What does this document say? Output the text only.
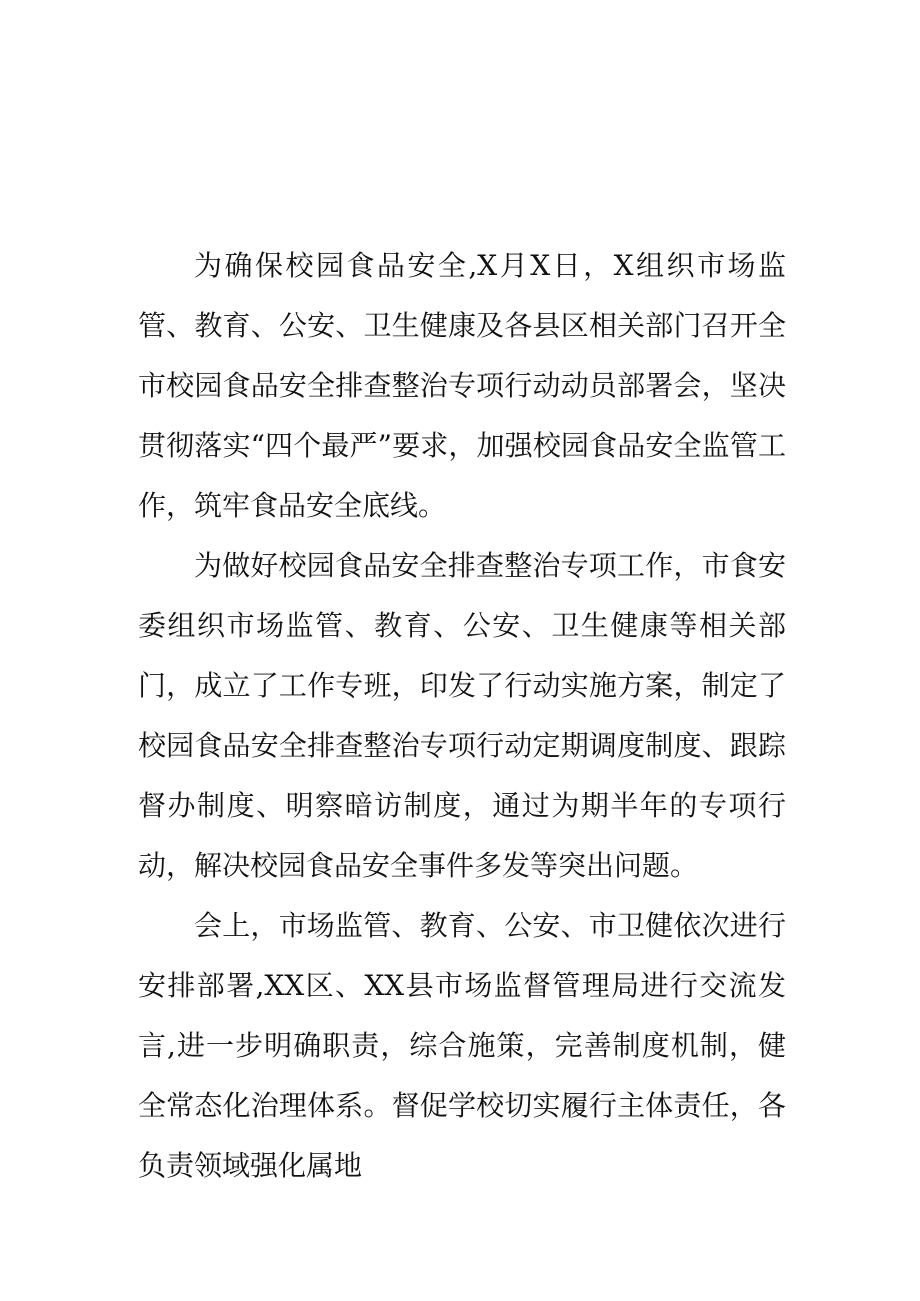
为确保校园食品安全,X月X日，X组织市场监管、教育、公安、卫生健康及各县区相关部门召开全市校园食品安全排查整治专项行动动员部署会，坚决贯彻落实“四个最严”要求，加强校园食品安全监管工作，筑牢食品安全底线。

为做好校园食品安全排查整治专项工作，市食安委组织市场监管、教育、公安、卫生健康等相关部门，成立了工作专班，印发了行动实施方案，制定了校园食品安全排查整治专项行动定期调度制度、跟踪督办制度、明察暗访制度，通过为期半年的专项行动，解决校园食品安全事件多发等突出问题。

会上，市场监管、教育、公安、市卫健依次进行安排部署,XX区、XX县市场监督管理局进行交流发言,进一步明确职责，综合施策，完善制度机制，健全常态化治理体系。督促学校切实履行主体责任，各负责领域强化属地
